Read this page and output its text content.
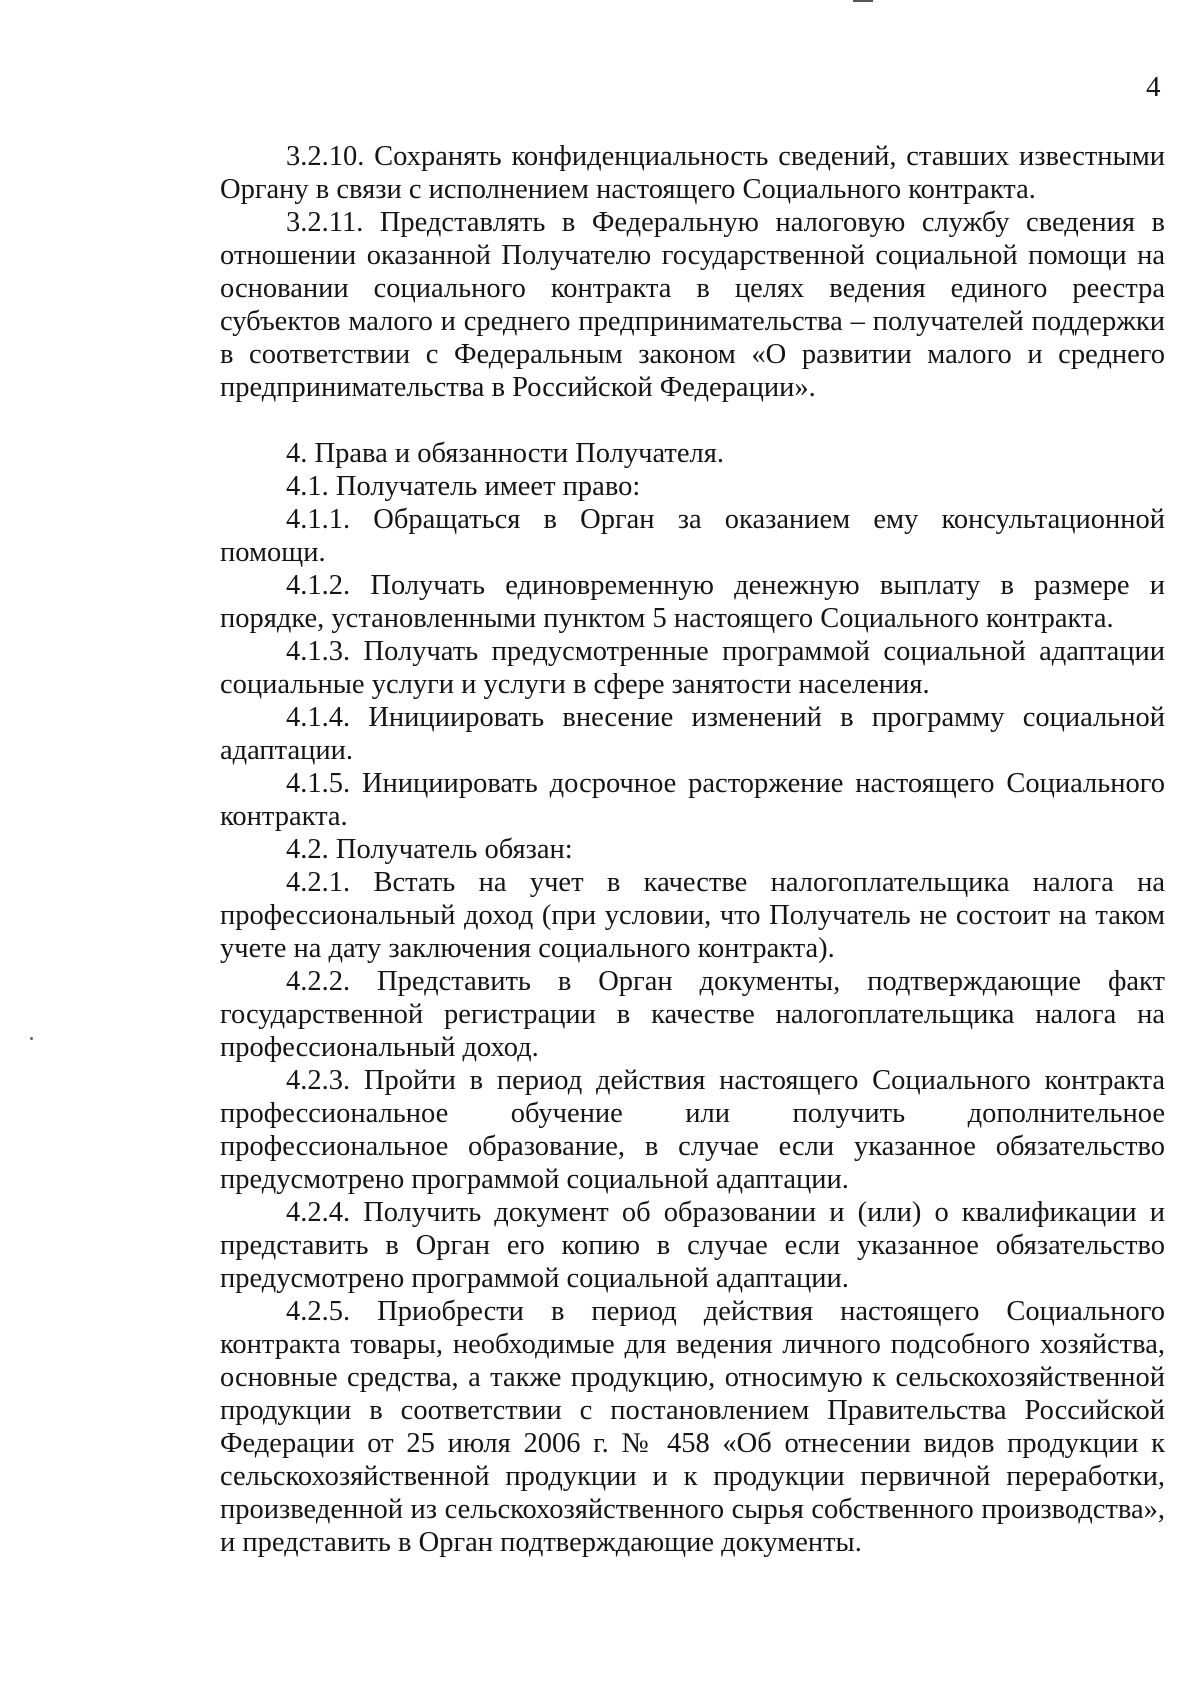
4

3.2.10. Сохранять конфиденциальность сведений, ставших известными Органу в связи с исполнением настоящего Социального контракта.

3.2.11. Представлять в Федеральную налоговую службу сведения в отношении оказанной Получателю государственной социальной помощи на основании социального контракта в целях ведения единого реестра субъектов малого и среднего предпринимательства – получателей поддержки в соответствии с Федеральным законом «О развитии малого и среднего предпринимательства в Российской Федерации».

4. Права и обязанности Получателя.

4.1. Получатель имеет право:

4.1.1. Обращаться в Орган за оказанием ему консультационной помощи.

4.1.2. Получать единовременную денежную выплату в размере и порядке, установленными пунктом 5 настоящего Социального контракта.

4.1.3. Получать предусмотренные программой социальной адаптации социальные услуги и услуги в сфере занятости населения.

4.1.4. Инициировать внесение изменений в программу социальной адаптации.

4.1.5. Инициировать досрочное расторжение настоящего Социального контракта.

4.2. Получатель обязан:

4.2.1. Встать на учет в качестве налогоплательщика налога на профессиональный доход (при условии, что Получатель не состоит на таком учете на дату заключения социального контракта).

4.2.2. Представить в Орган документы, подтверждающие факт государственной регистрации в качестве налогоплательщика налога на профессиональный доход.

4.2.3. Пройти в период действия настоящего Социального контракта профессиональное обучение или получить дополнительное профессиональное образование, в случае если указанное обязательство предусмотрено программой социальной адаптации.

4.2.4. Получить документ об образовании и (или) о квалификации и представить в Орган его копию в случае если указанное обязательство предусмотрено программой социальной адаптации.

4.2.5. Приобрести в период действия настоящего Социального контракта товары, необходимые для ведения личного подсобного хозяйства, основные средства, а также продукцию, относимую к сельскохозяйственной продукции в соответствии с постановлением Правительства Российской Федерации от 25 июля 2006 г. № 458 «Об отнесении видов продукции к сельскохозяйственной продукции и к продукции первичной переработки, произведенной из сельскохозяйственного сырья собственного производства», и представить в Орган подтверждающие документы.
